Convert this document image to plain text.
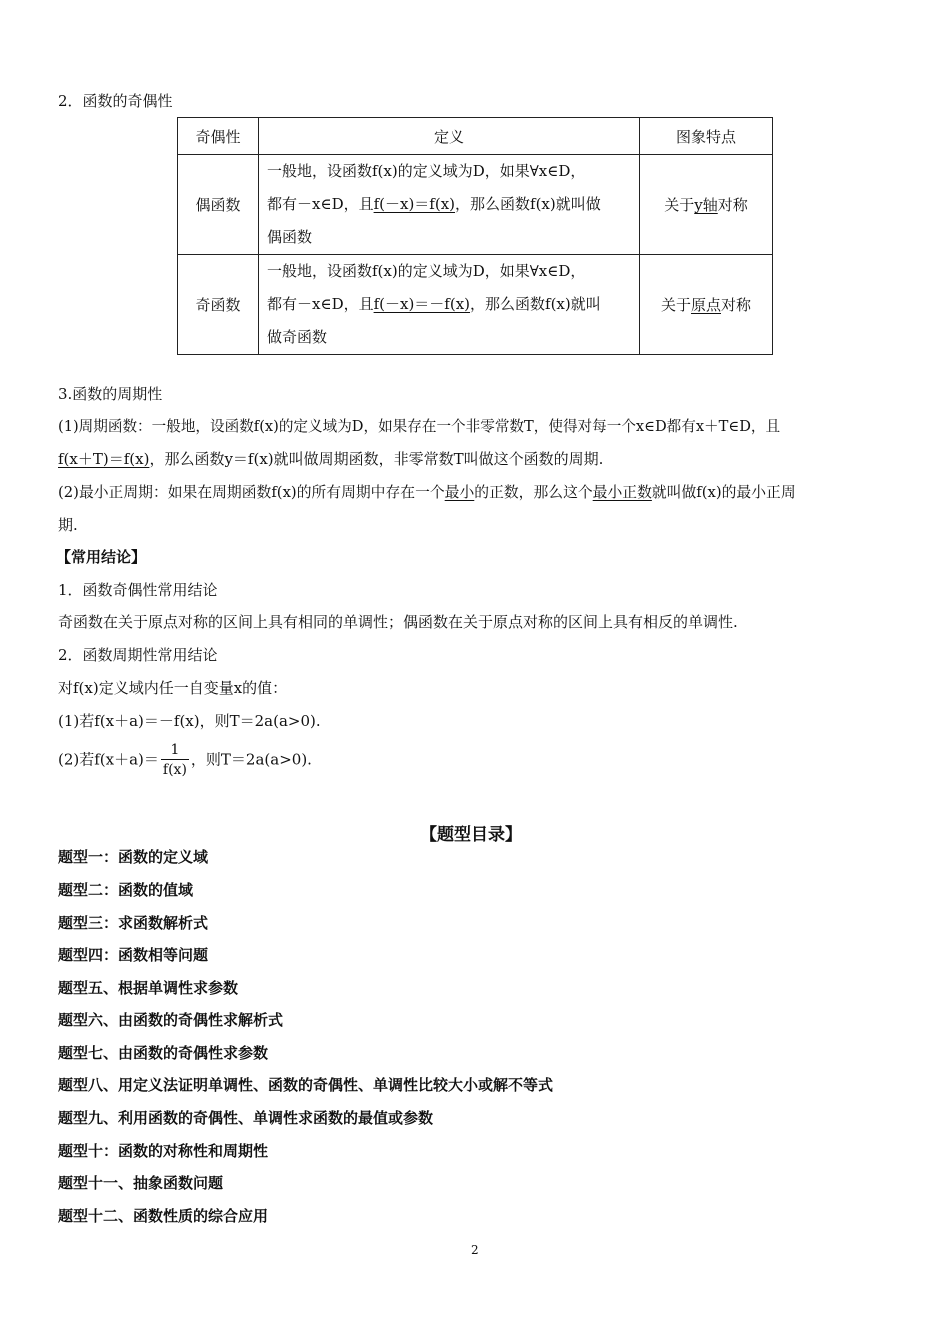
2．函数的奇偶性
奇偶性	定义	图象特点
偶函数	一般地，设函数f(x)的定义域为D，如果∀x∈D，
都有－x∈D，且f(－x)＝f(x)，那么函数f(x)就叫做
偶函数	关于y轴对称
奇函数	一般地，设函数f(x)的定义域为D，如果∀x∈D，
都有－x∈D，且f(－x)＝－f(x)，那么函数f(x)就叫
做奇函数	关于原点对称
3.函数的周期性
(1)周期函数：一般地，设函数f(x)的定义域为D，如果存在一个非零常数T，使得对每一个x∈D都有x＋T∈D，且
f(x＋T)＝f(x)，那么函数y＝f(x)就叫做周期函数，非零常数T叫做这个函数的周期.
(2)最小正周期：如果在周期函数f(x)的所有周期中存在一个最小的正数，那么这个最小正数就叫做f(x)的最小正周
期.
【常用结论】
1．函数奇偶性常用结论
奇函数在关于原点对称的区间上具有相同的单调性；偶函数在关于原点对称的区间上具有相反的单调性.
2．函数周期性常用结论
对f(x)定义域内任一自变量x的值：
(1)若f(x＋a)＝－f(x)，则T＝2a(a>0).
(2)若$f(x+a)= \frac{1}{f(x)}$ ，则T＝2a(a>0).
【题型目录】
题型一：函数的定义域
题型二：函数的值域
题型三：求函数解析式
题型四：函数相等问题
题型五、根据单调性求参数
题型六、由函数的奇偶性求解析式
题型七、由函数的奇偶性求参数
题型八、用定义法证明单调性、函数的奇偶性、单调性比较大小或解不等式
题型九、利用函数的奇偶性、单调性求函数的最值或参数
题型十：函数的对称性和周期性
题型十一、抽象函数问题
题型十二、函数性质的综合应用
2
